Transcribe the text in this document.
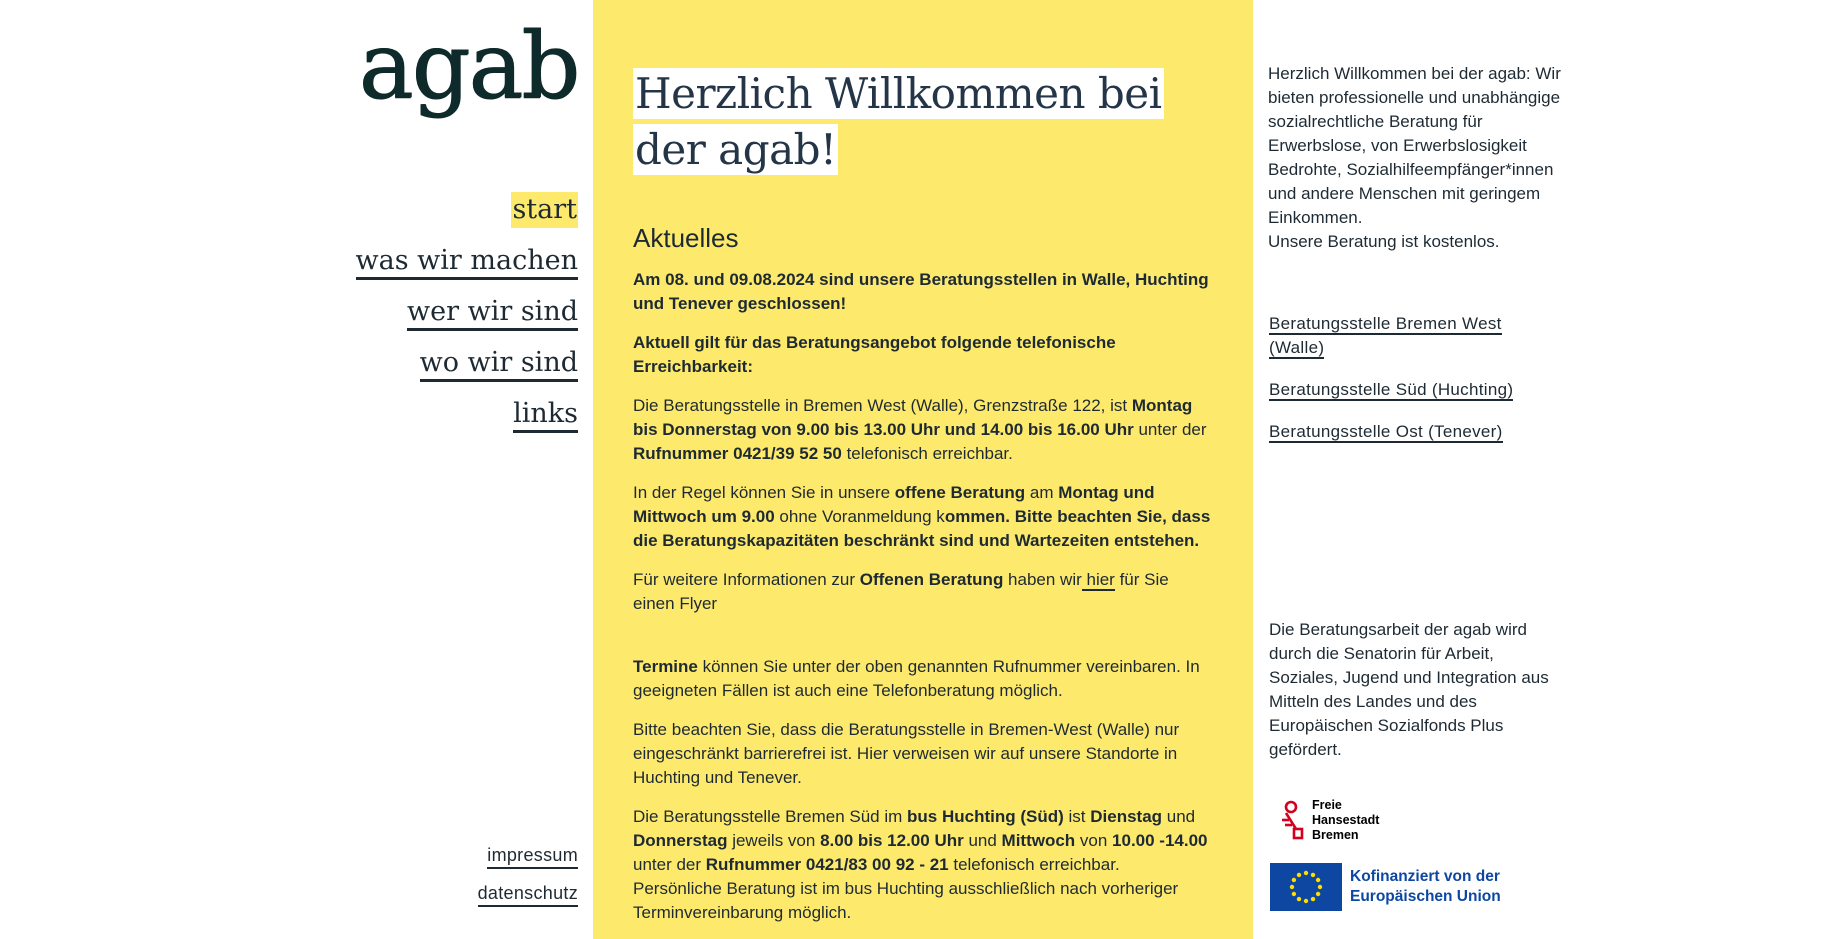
agab
start
was wir machen
wer wir sind
wo wir sind
links
impressum
datenschutz
Herzlich Willkommen bei der agab!
Aktuelles

Am 08. und 09.08.2024 sind unsere Beratungsstellen in Walle, Huchting und Tenever geschlossen!

Aktuell gilt für das Beratungsangebot folgende telefonische Erreichbarkeit:

Die Beratungsstelle in Bremen West (Walle), Grenzstraße 122, ist Montag bis Donnerstag von 9.00 bis 13.00 Uhr und 14.00 bis 16.00 Uhr unter der Rufnummer 0421/39 52 50 telefonisch erreichbar.

In der Regel können Sie in unsere offene Beratung am Montag und Mittwoch um 9.00 ohne Voranmeldung kommen. Bitte beachten Sie, dass die Beratungskapazitäten beschränkt sind und Wartezeiten entstehen.

Für weitere Informationen zur Offenen Beratung haben wir hier für Sie einen Flyer

Termine können Sie unter der oben genannten Rufnummer vereinbaren. In geeigneten Fällen ist auch eine Telefonberatung möglich.

Bitte beachten Sie, dass die Beratungsstelle in Bremen-West (Walle) nur eingeschränkt barrierefrei ist. Hier verweisen wir auf unsere Standorte in Huchting und Tenever.

Die Beratungsstelle Bremen Süd im bus Huchting (Süd) ist Dienstag und Donnerstag jeweils von 8.00 bis 12.00 Uhr und Mittwoch von 10.00 -14.00 unter der Rufnummer 0421/83 00 92 - 21 telefonisch erreichbar. Persönliche Beratung ist im bus Huchting ausschließlich nach vorheriger Terminvereinbarung möglich.

Herzlich Willkommen bei der agab: Wir bieten professionelle und unabhängige sozialrechtliche Beratung für Erwerbslose, von Erwerbslosigkeit Bedrohte, Sozialhilfeempfänger*innen und andere Menschen mit geringem Einkommen.

Unsere Beratung ist kostenlos.

Beratungsstelle Bremen West (Walle)
Beratungsstelle Süd (Huchting)
Beratungsstelle Ost (Tenever)

Die Beratungsarbeit der agab wird durch die Senatorin für Arbeit, Soziales, Jugend und Integration aus Mitteln des Landes und des Europäischen Sozialfonds Plus gefördert.

Freie
Hansestadt
Bremen
Kofinanziert von der
Europäischen Union
